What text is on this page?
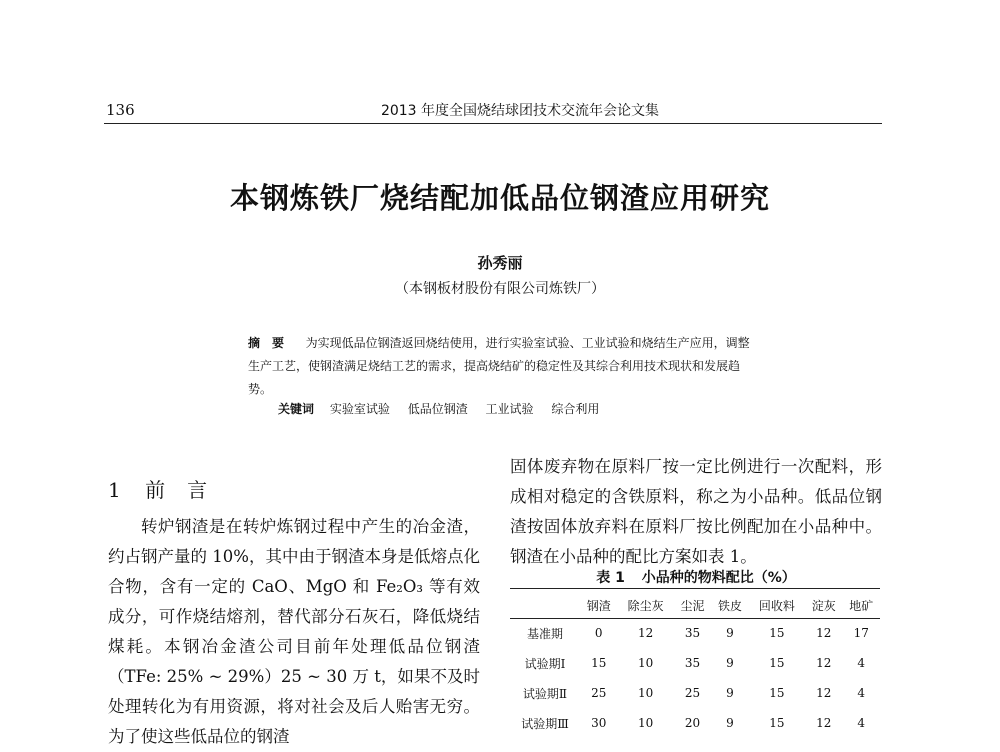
136	2013 年度全国烧结球团技术交流年会论文集
本钢炼铁厂烧结配加低品位钢渣应用研究
孙秀丽
（本钢板材股份有限公司炼铁厂）
摘　要 为实现低品位钢渣返回烧结使用，进行实验室试验、工业试验和烧结生产应用，调整生产工艺，使钢渣满足烧结工艺的需求，提高烧结矿的稳定性及其综合利用技术现状和发展趋势。
关键词 实验室试验 低品位钢渣 工业试验 综合利用
1 前言

转炉钢渣是在转炉炼钢过程中产生的冶金渣，约占钢产量的 10%，其中由于钢渣本身是低熔点化合物，含有一定的 CaO、MgO 和 Fe₂O₃ 等有效成分，可作烧结熔剂，替代部分石灰石，降低烧结煤耗。本钢冶金渣公司目前年处理低品位钢渣（TFe: 25% ~ 29%）25 ~ 30 万 t，如果不及时处理转化为有用资源，将对社会及后人贻害无穷。为了使这些低品位的钢渣

固体废弃物在原料厂按一定比例进行一次配料，形成相对稳定的含铁原料，称之为小品种。低品位钢渣按固体放弃料在原料厂按比例配加在小品种中。钢渣在小品种的配比方案如表 1。

表 1 小品种的物料配比（%）
	钢渣	除尘灰	尘泥	铁皮	回收料	淀灰	地矿
基准期	0	12	35	9	15	12	17
试验期Ⅰ	15	10	35	9	15	12	4
试验期Ⅱ	25	10	25	9	15	12	4
试验期Ⅲ	30	10	20	9	15	12	4
